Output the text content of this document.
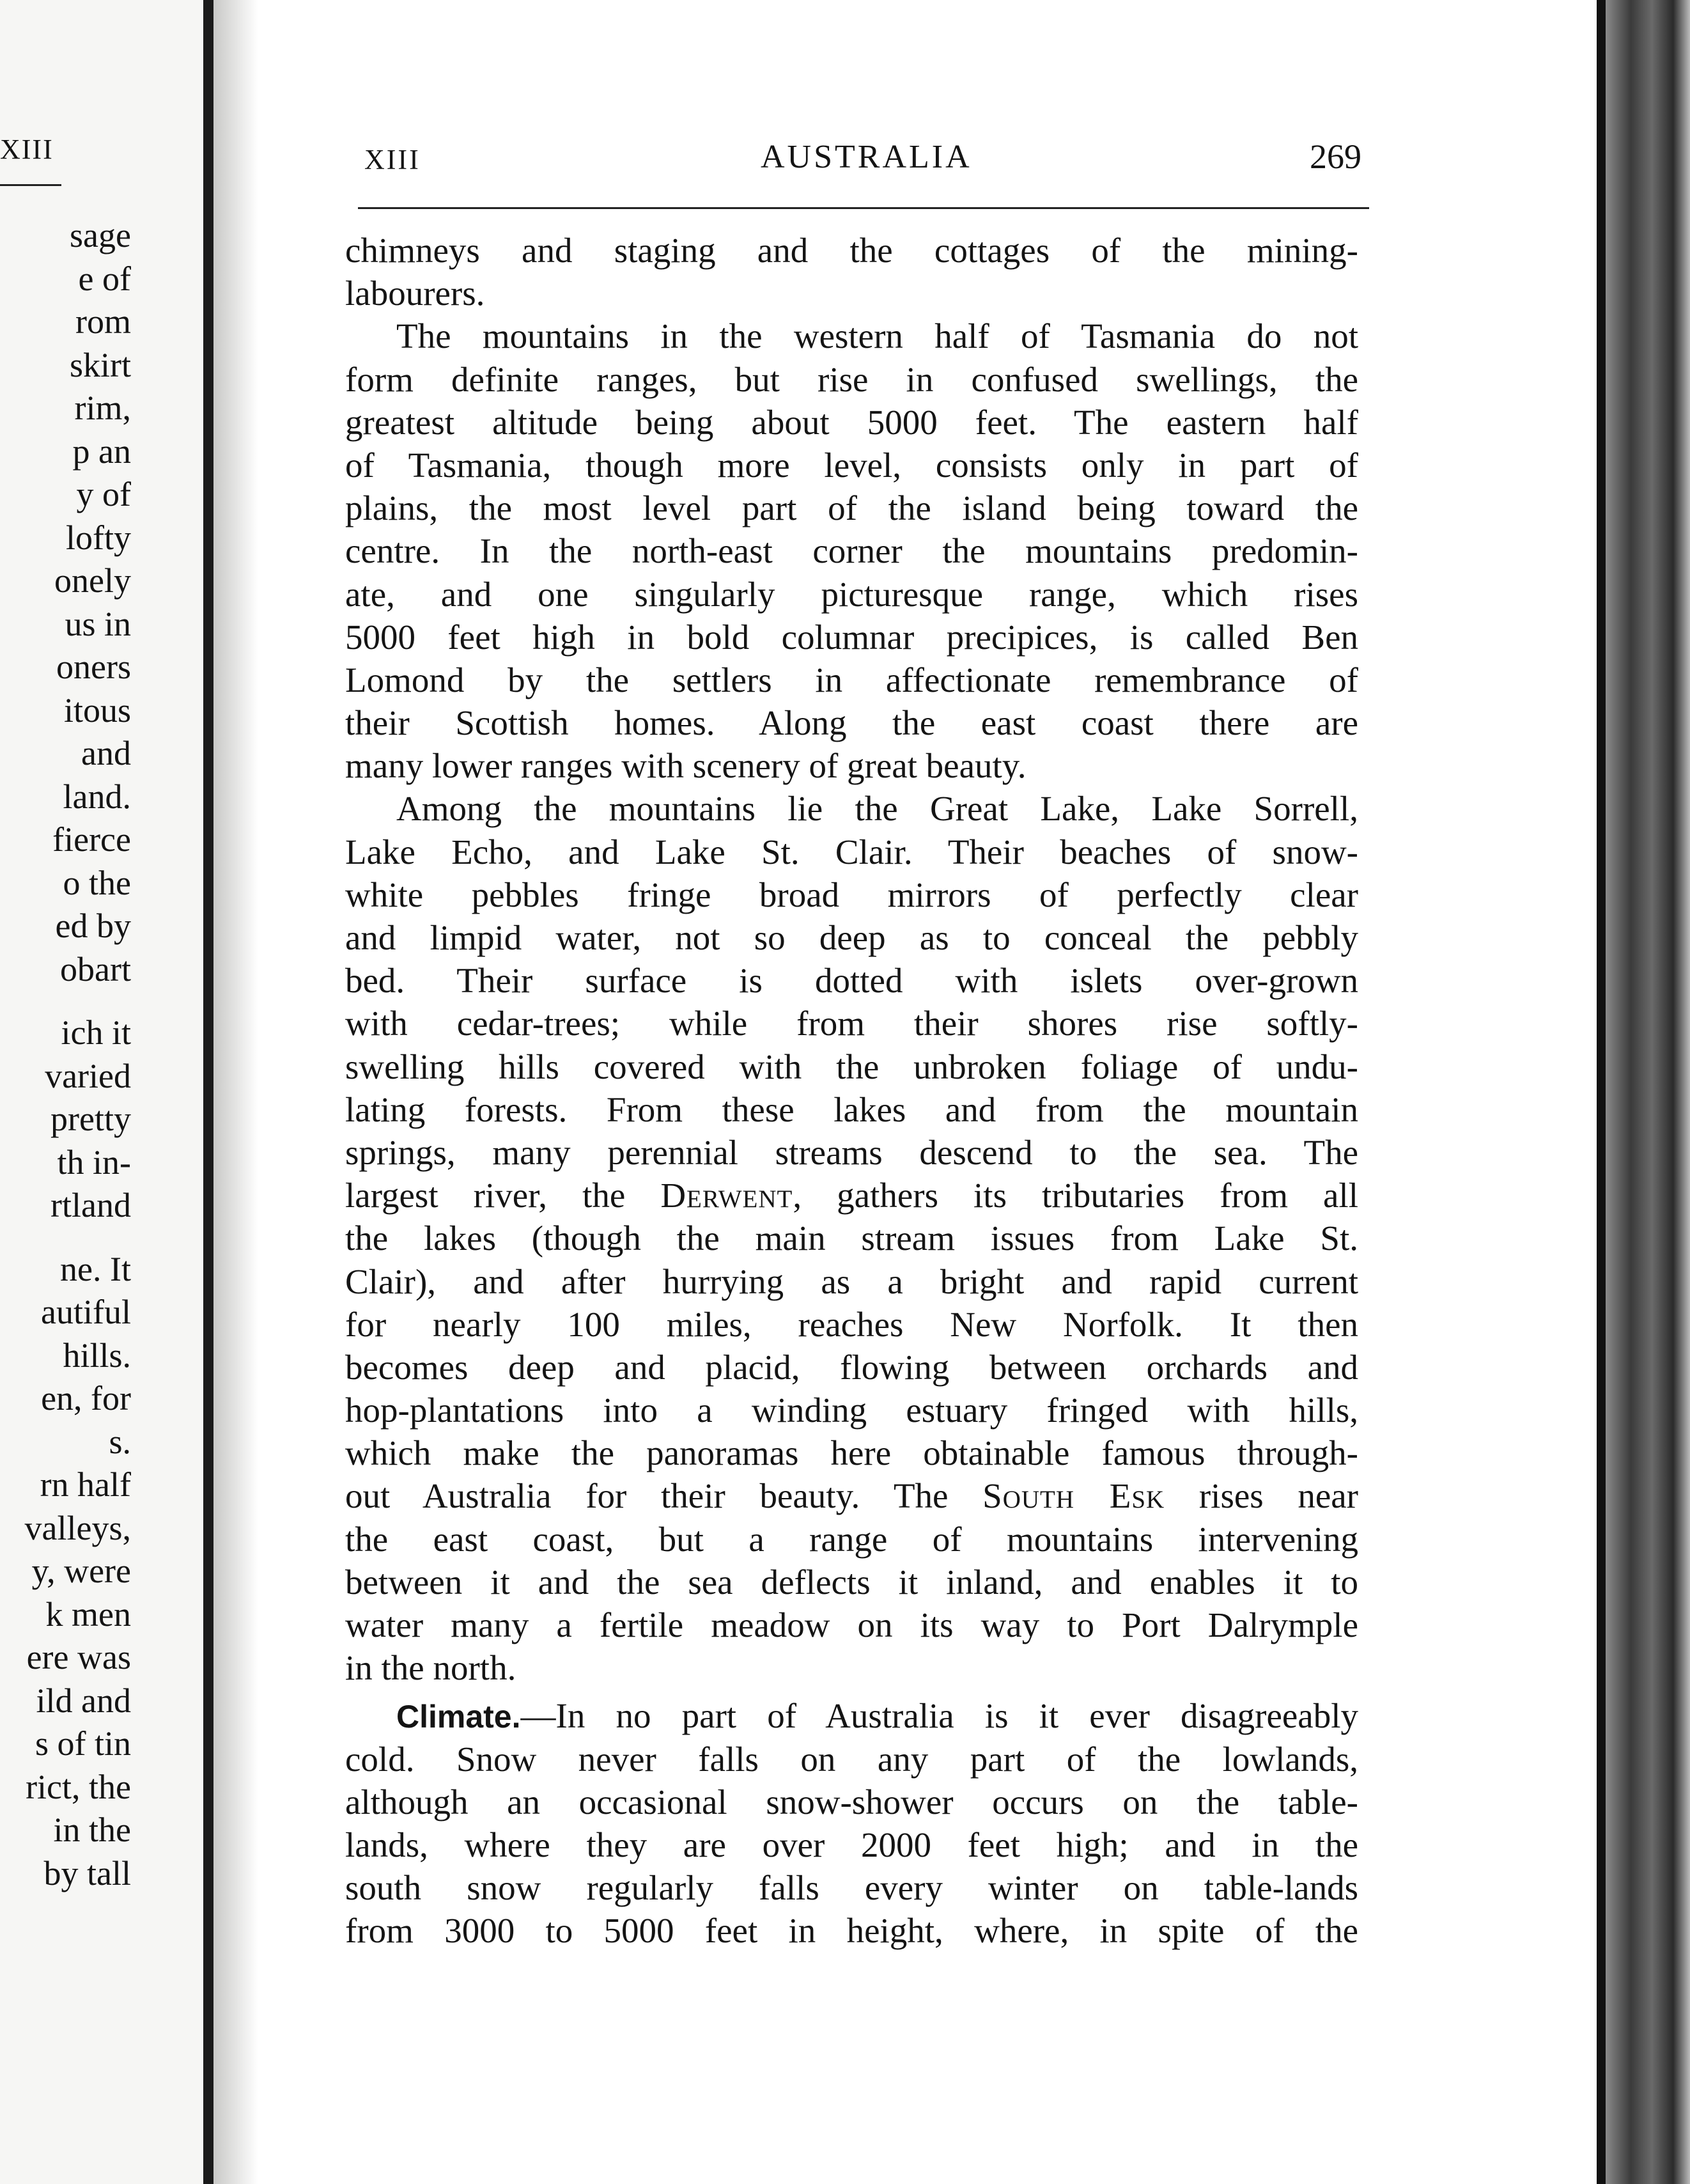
XIII
sage
e of
rom
skirt
rim,
p an
y of
lofty
onely
us in
oners
itous
and
land.
fierce
o the
ed by
obart
ich it
varied
pretty
th in-
rtland
ne. It
autiful
hills.
en, for
s.
rn half
valleys,
y, were
k men
ere was
ild and
s of tin
rict, the
in the
by tall
XIII	AUSTRALIA	269
chimneys and staging and the cottages of the mining-
labourers.
The mountains in the western half of Tasmania do not
form definite ranges, but rise in confused swellings, the
greatest altitude being about 5000 feet. The eastern half
of Tasmania, though more level, consists only in part of
plains, the most level part of the island being toward the
centre. In the north-east corner the mountains predomin-
ate, and one singularly picturesque range, which rises
5000 feet high in bold columnar precipices, is called Ben
Lomond by the settlers in affectionate remembrance of
their Scottish homes. Along the east coast there are
many lower ranges with scenery of great beauty.
Among the mountains lie the Great Lake, Lake Sorrell,
Lake Echo, and Lake St. Clair. Their beaches of snow-
white pebbles fringe broad mirrors of perfectly clear
and limpid water, not so deep as to conceal the pebbly
bed. Their surface is dotted with islets over-grown
with cedar-trees; while from their shores rise softly-
swelling hills covered with the unbroken foliage of undu-
lating forests. From these lakes and from the mountain
springs, many perennial streams descend to the sea. The
largest river, the Derwent, gathers its tributaries from all
the lakes (though the main stream issues from Lake St.
Clair), and after hurrying as a bright and rapid current
for nearly 100 miles, reaches New Norfolk. It then
becomes deep and placid, flowing between orchards and
hop-plantations into a winding estuary fringed with hills,
which make the panoramas here obtainable famous through-
out Australia for their beauty. The South Esk rises near
the east coast, but a range of mountains intervening
between it and the sea deflects it inland, and enables it to
water many a fertile meadow on its way to Port Dalrymple
in the north.
Climate.—In no part of Australia is it ever disagreeably
cold. Snow never falls on any part of the lowlands,
although an occasional snow-shower occurs on the table-
lands, where they are over 2000 feet high; and in the
south snow regularly falls every winter on table-lands
from 3000 to 5000 feet in height, where, in spite of the
